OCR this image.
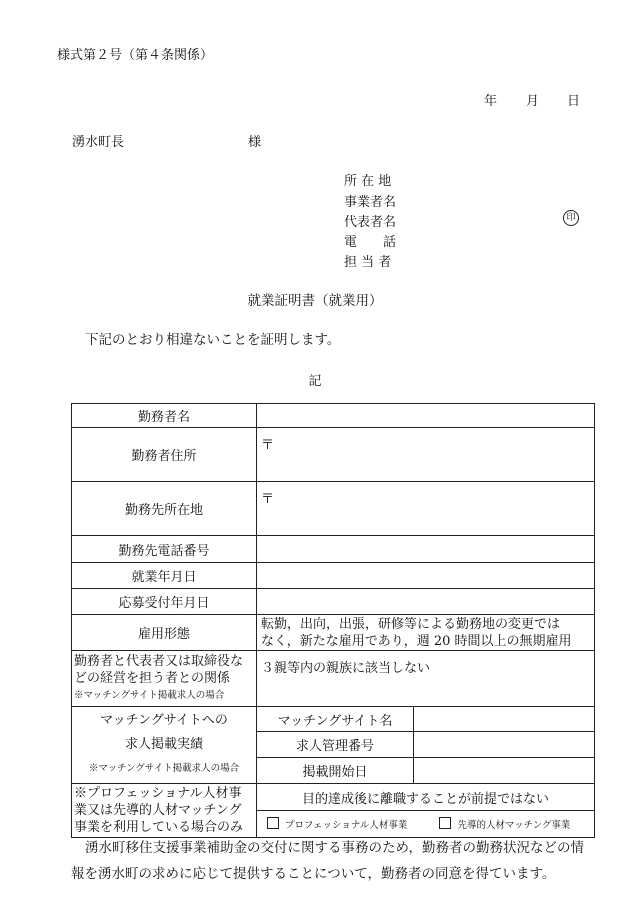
様式第２号（第４条関係）
年 月 日
湧水町長	様
所 在 地
事業者名
代表者名	印
電　　話
担 当 者
就業証明書（就業用）
下記のとおり相違ないことを証明します。
記
勤務者名		
勤務者住所	〒	
勤務先所在地	〒	
勤務先電話番号		
就業年月日		
応募受付年月日		
雇用形態	転勤，出向，出張，研修等による勤務地の変更では
なく，新たな雇用であり，週 20 時間以上の無期雇用	

勤務者と代表者又は取締役な
どの経営を担う者との関係
※マッチングサイト掲載求人の場合	３親等内の親族に該当しない	

マッチングサイトへの
求人掲載実績
※マッチングサイト掲載求人の場合	マッチングサイト名	
	求人管理番号	
	掲載開始日	

※プロフェッショナル人材事
業又は先導的人材マッチング
事業を利用している場合のみ	目的達成後に離職することが前提ではない	
	プロフェッショナル人材事業 先導的人材マッチング事業	
湧水町移住支援事業補助金の交付に関する事務のため，勤務者の勤務状況などの情
報を湧水町の求めに応じて提供することについて，勤務者の同意を得ています。
